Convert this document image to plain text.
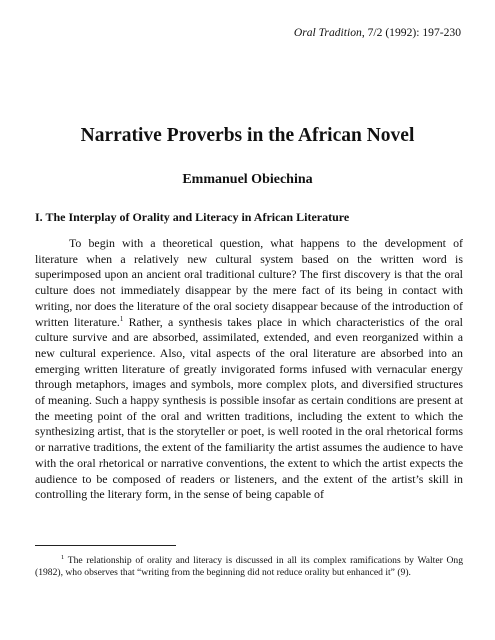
Oral Tradition, 7/2 (1992): 197-230
Narrative Proverbs in the African Novel
Emmanuel Obiechina
I. The Interplay of Orality and Literacy in African Literature

To begin with a theoretical question, what happens to the development of literature when a relatively new cultural system based on the written word is superimposed upon an ancient oral traditional culture? The first discovery is that the oral culture does not immediately disappear by the mere fact of its being in contact with writing, nor does the literature of the oral society disappear because of the introduction of written literature.$^1$ Rather, a synthesis takes place in which characteristics of the oral culture survive and are absorbed, assimilated, extended, and even reorganized within a new cultural experience. Also, vital aspects of the oral literature are absorbed into an emerging written literature of greatly invigorated forms infused with vernacular energy through metaphors, images and symbols, more complex plots, and diversified structures of meaning. Such a happy synthesis is possible insofar as certain conditions are present at the meeting point of the oral and written traditions, including the extent to which the synthesizing artist, that is the storyteller or poet, is well rooted in the oral rhetorical forms or narrative traditions, the extent of the familiarity the artist assumes the audience to have with the oral rhetorical or narrative conventions, the extent to which the artist expects the audience to be composed of readers or listeners, and the extent of the artist’s skill in controlling the literary form, in the sense of being capable of

$^1$ The relationship of orality and literacy is discussed in all its complex ramifications by Walter Ong (1982), who observes that “writing from the beginning did not reduce orality but enhanced it” (9).
